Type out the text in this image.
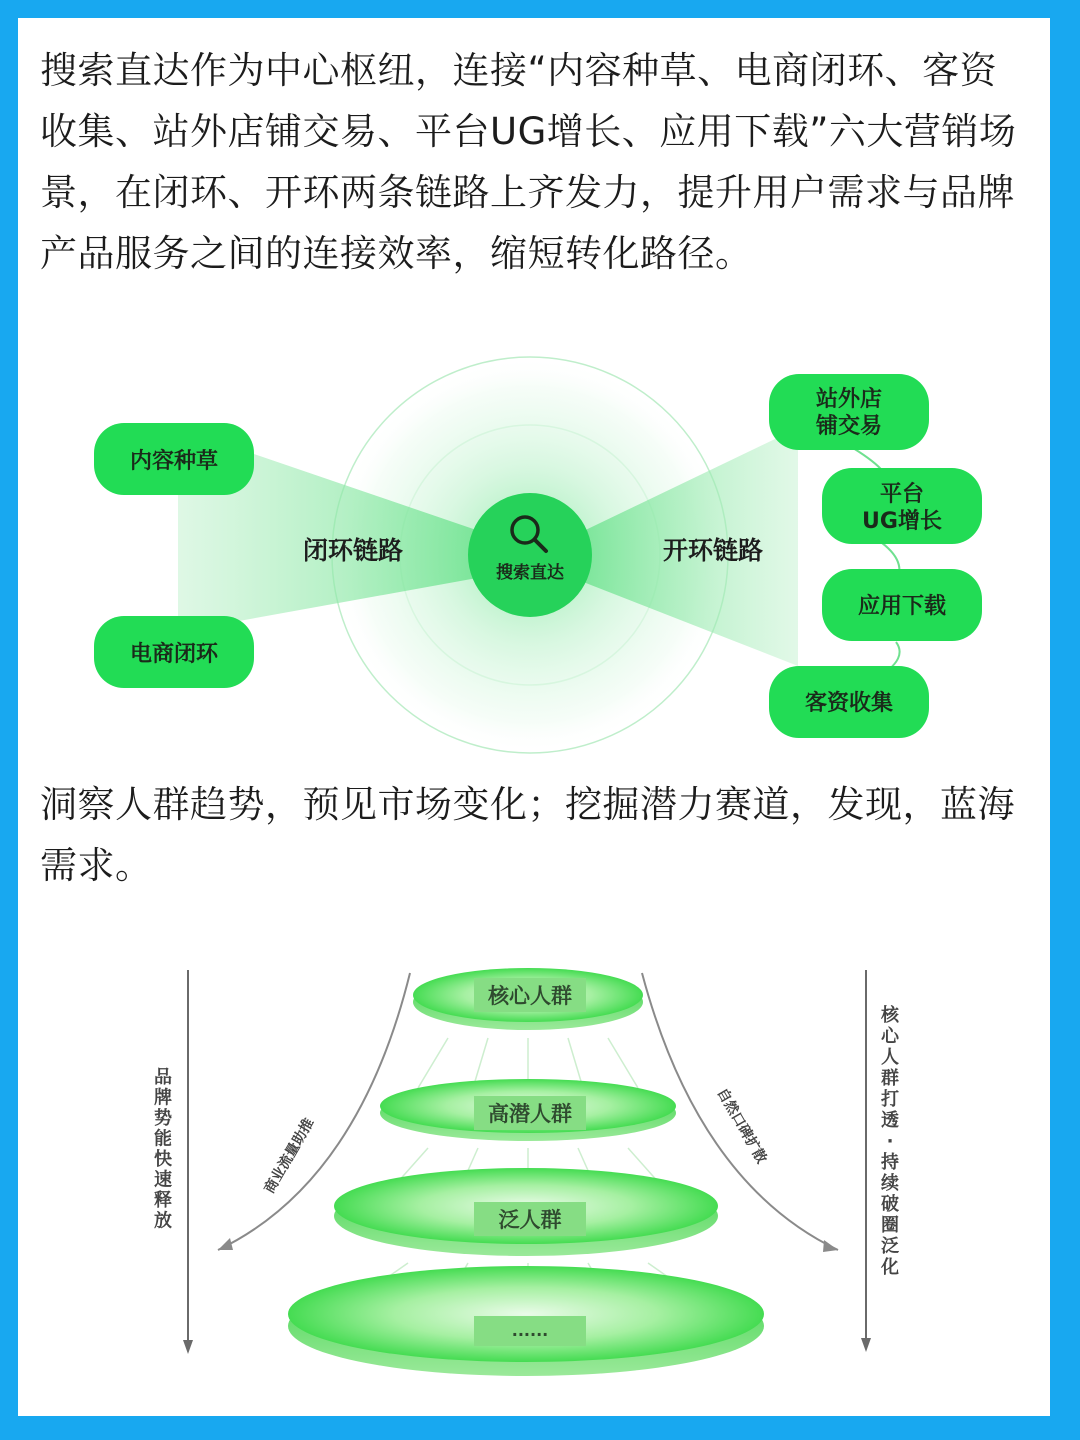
搜索直达作为中心枢纽，连接“内容种草、电商闭环、客资收集、站外店铺交易、平台UG增长、应用下载”六大营销场景，在闭环、开环两条链路上齐发力，提升用户需求与品牌产品服务之间的连接效率，缩短转化路径。

洞察人群趋势，预见市场变化；挖掘潜力赛道，发现，蓝海需求。

内容种草
电商闭环
闭环链路	开环链路
搜索直达
站外店
铺交易
平台
UG增长
应用下载
客资收集
商业流量助推	自然口碑扩散
核心人群
高潜人群
泛人群
......
品
牌
势
能
快
速
释
放
核
心
人
群
打
透
·
持
续
破
圈
泛
化
